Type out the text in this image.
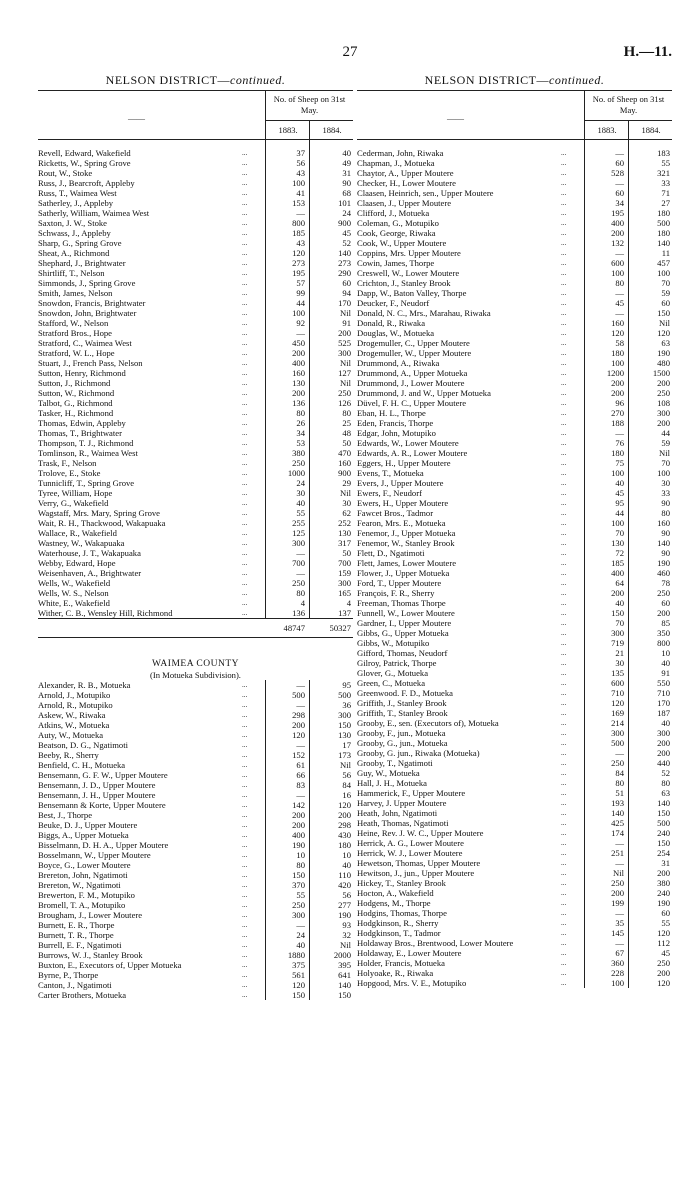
27	H.—11.
NELSON DISTRICT—continued.
——
No. of Sheep on 31st May.
1883.	1884.
Revell, Edward, Wakefield	...	37	40
Ricketts, W., Spring Grove	...	56	49
Rout, W., Stoke	...	43	31
Russ, J., Bearcroft, Appleby	...	100	90
Russ, T., Waimea West	...	41	68
Satherley, J., Appleby	...	153	101
Satherly, William, Waimea West	...	—	24
Saxton, J. W., Stoke	...	800	900
Schwass, J., Appleby	...	185	45
Sharp, G., Spring Grove	...	43	52
Sheat, A., Richmond	...	120	140
Shephard, J., Brightwater	...	273	273
Shirtliff, T., Nelson	...	195	290
Simmonds, J., Spring Grove	...	57	60
Smith, James, Nelson	...	99	94
Snowdon, Francis, Brightwater	...	44	170
Snowdon, John, Brightwater	...	100	Nil
Stafford, W., Nelson	...	92	91
Stratford Bros., Hope	...	—	200
Stratford, C., Waimea West	...	450	525
Stratford, W. L., Hope	...	200	300
Stuart, J., French Pass, Nelson	...	400	Nil
Sutton, Henry, Richmond	...	160	127
Sutton, J., Richmond	...	130	Nil
Sutton, W., Richmond	...	200	250
Talbot, G., Richmond	...	136	126
Tasker, H., Richmond	...	80	80
Thomas, Edwin, Appleby	...	26	25
Thomas, T., Brightwater	...	34	48
Thompson, T. J., Richmond	...	53	50
Tomlinson, R., Waimea West	...	380	470
Trask, F., Nelson	...	250	160
Trolove, E., Stoke	...	1000	900
Tunnicliff, T., Spring Grove	...	24	29
Tyree, William, Hope	...	30	Nil
Verry, G., Wakefield	...	40	30
Wagstaff, Mrs. Mary, Spring Grove	...	55	62
Wait, R. H., Thackwood, Wakapuaka	...	255	252
Wallace, R., Wakefield	...	125	130
Wastney, W., Wakapuaka	...	300	317
Waterhouse, J. T., Wakapuaka	...	—	50
Webby, Edward, Hope	...	700	700
Weisenhaven, A., Brightwater	...	—	159
Wells, W., Wakefield	...	250	300
Wells, W. S., Nelson	...	80	165
White, E., Wakefield	...	4	4
Wither, C. B., Wensley Hill, Richmond	...	136	137
48747	50327
WAIMEA COUNTY
(In Motueka Subdivision).
Alexander, R. B., Motueka	...	—	95
Arnold, J., Motupiko	...	500	500
Arnold, R., Motupiko	...	—	36
Askew, W., Riwaka	...	298	300
Atkins, W., Motueka	...	200	150
Auty, W., Motueka	...	120	130
Beatson, D. G., Ngatimoti	...	—	17
Beeby, R., Sherry	...	152	173
Benfield, C. H., Motueka	...	61	Nil
Bensemann, G. F. W., Upper Moutere	...	66	56
Bensemann, J. D., Upper Moutere	...	83	84
Bensemann, J. H., Upper Moutere	...	—	16
Bensemann & Korte, Upper Moutere	...	142	120
Best, J., Thorpe	...	200	200
Beuke, D. J., Upper Moutere	...	200	298
Biggs, A., Upper Motueka	...	400	430
Bisselmann, D. H. A., Upper Moutere	...	190	180
Bosselmann, W., Upper Moutere	...	10	10
Boyce, G., Lower Moutere	...	80	40
Brereton, John, Ngatimoti	...	150	110
Brereton, W., Ngatimoti	...	370	420
Brewerton, F. M., Motupiko	...	55	56
Bromell, T. A., Motupiko	...	250	277
Brougham, J., Lower Moutere	...	300	190
Burnett, E. R., Thorpe	...	—	93
Burnett, T. R., Thorpe	...	24	32
Burrell, E. F., Ngatimoti	...	40	Nil
Burrows, W. J., Stanley Brook	...	1880	2000
Buxton, E., Executors of, Upper Motueka	...	375	395
Byrne, P., Thorpe	...	561	641
Canton, J., Ngatimoti	...	120	140
Carter Brothers, Motueka	...	150	150
NELSON DISTRICT—continued.
——
No. of Sheep on 31st May.
1883.	1884.
Cederman, John, Riwaka	...	—	183
Chapman, J., Motueka	...	60	55
Chaytor, A., Upper Moutere	...	528	321
Checker, H., Lower Moutere	...	—	33
Claasen, Heinrich, sen., Upper Moutere	...	60	71
Claasen, J., Upper Moutere	...	34	27
Clifford, J., Motueka	...	195	180
Coleman, G., Motupiko	...	400	500
Cook, George, Riwaka	...	200	180
Cook, W., Upper Moutere	...	132	140
Coppins, Mrs. Upper Moutere	...	—	11
Cowin, James, Thorpe	...	600	457
Creswell, W., Lower Moutere	...	100	100
Crichton, J., Stanley Brook	...	80	70
Dapp, W., Baton Valley, Thorpe	...	—	59
Deucker, F., Neudorf	...	45	60
Donald, N. C., Mrs., Marahau, Riwaka	...	—	150
Donald, R., Riwaka	...	160	Nil
Douglas, W., Motueka	...	120	120
Drogemuller, C., Upper Moutere	...	58	63
Drogemuller, W., Upper Moutere	...	180	190
Drummond, A., Riwaka	...	100	480
Drummond, A., Upper Motueka	...	1200	1500
Drummond, J., Lower Moutere	...	200	200
Drummond, J. and W., Upper Motueka	...	200	250
Düvel, F. H. C., Upper Moutere	...	96	108
Eban, H. L., Thorpe	...	270	300
Eden, Francis, Thorpe	...	188	200
Edgar, John, Motupiko	...	—	44
Edwards, W., Lower Moutere	...	76	59
Edwards, A. R., Lower Moutere	...	180	Nil
Eggers, H., Upper Moutere	...	75	70
Evens, T., Motueka	...	100	100
Evers, J., Upper Moutere	...	40	30
Ewers, F., Neudorf	...	45	33
Ewers, H., Upper Moutere	...	95	90
Fawcet Bros., Tadmor	...	44	80
Fearon, Mrs. E., Motueka	...	100	160
Fenemor, J., Upper Motueka	...	70	90
Fenemor, W., Stanley Brook	...	130	140
Flett, D., Ngatimoti	...	72	90
Flett, James, Lower Moutere	...	185	190
Flower, J., Upper Motueka	...	400	460
Ford, T., Upper Moutere	...	64	78
François, F. R., Sherry	...	200	250
Freeman, Thomas Thorpe	...	40	60
Funnell, W., Lower Moutere	...	150	200
Gardner, I., Upper Moutere	...	70	85
Gibbs, G., Upper Motueka	...	300	350
Gibbs, W., Motupiko	...	719	800
Gifford, Thomas, Neudorf	...	21	10
Gilroy, Patrick, Thorpe	...	30	40
Glover, G., Motueka	...	135	91
Green, C., Motueka	...	600	550
Greenwood. F. D., Motueka	...	710	710
Griffith, J., Stanley Brook	...	120	170
Griffith, T., Stanley Brook	...	169	187
Grooby, E., sen. (Executors of), Motueka	...	214	40
Grooby, F., jun., Motueka	...	300	300
Grooby, G., jun., Motueka	...	500	200
Grooby, G. jun., Riwaka (Motueka)	...	—	200
Grooby, T., Ngatimoti	...	250	440
Guy, W., Motueka	...	84	52
Hall, J. H., Motueka	...	80	80
Hammerick, F., Upper Moutere	...	51	63
Harvey, J. Upper Moutere	...	193	140
Heath, John, Ngatimoti	...	140	150
Heath, Thomas, Ngatimoti	...	425	500
Heine, Rev. J. W. C., Upper Moutere	...	174	240
Herrick, A. G., Lower Moutere	...	—	150
Herrick, W. J., Lower Moutere	...	251	254
Hewetson, Thomas, Upper Moutere	...	—	31
Hewitson, J., jun., Upper Moutere	...	Nil	200
Hickey, T., Stanley Brook	...	250	380
Hocton, A., Wakefield	...	200	240
Hodgens, M., Thorpe	...	199	190
Hodgins, Thomas, Thorpe	...	—	60
Hodgkinson, R., Sherry	...	35	55
Hodgkinson, T., Tadmor	...	145	120
Holdaway Bros., Brentwood, Lower Moutere	...	—	112
Holdaway, E., Lower Moutere	...	67	45
Holder, Francis, Motueka	...	360	250
Holyoake, R., Riwaka	...	228	200
Hopgood, Mrs. V. E., Motupiko	...	100	120
